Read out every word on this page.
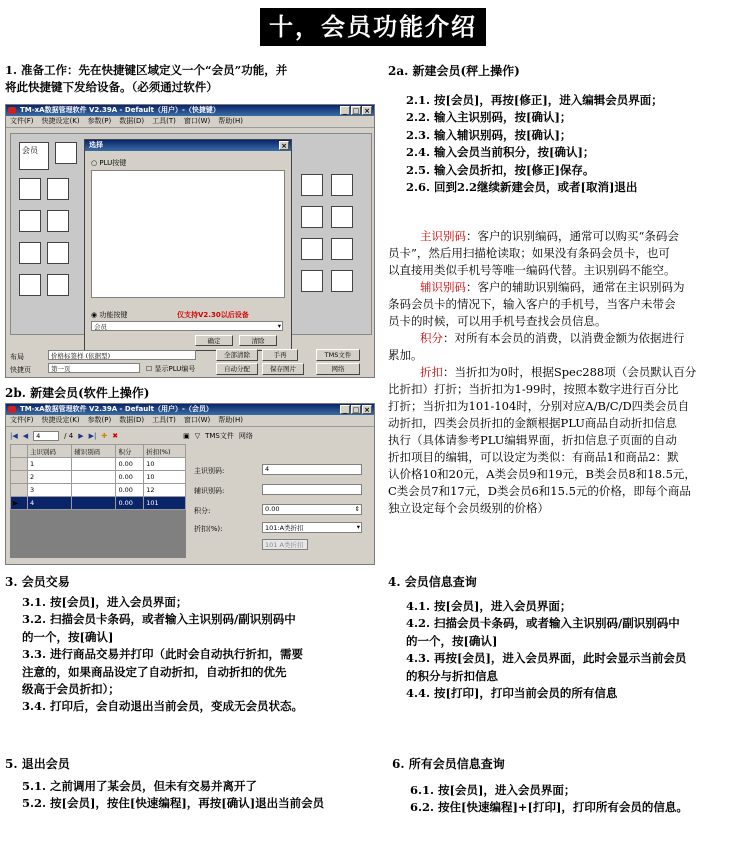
十，会员功能介绍
1. 准备工作：先在快捷键区域定义一个“会员”功能，并
将此快捷键下发给设备。（必须通过软件）
TM-xA数据管理软件 V2.39A - Default（用户）-（快捷键）	_ □ ×
文件(F) 快捷设定(K) 参数(P) 数据(D) 工具(T) 窗口(W) 帮助(H)
会员
选择	×
○ PLU按键
◉ 功能按键	仅支持V2.30以后设备
会员	▾
确定	清除
布局	价格标签样 (依据型)
快捷页	第一页	☐ 显示PLU编号
全部清除	手再	TMS文件
自动分配	保存图片	网络
2b. 新建会员(软件上操作)
TM-xA数据管理软件 V2.39A - Default（用户）-（会员）	_ □ ×
文件(F) 快捷设定(K) 参数(P) 数据(D) 工具(T) 窗口(W) 帮助(H)
|◀ ◀	4	/ 4 ▶ ▶| ✚ ✖	▣ ▽ TMS文件 网络
	主识别码	辅识别码	积分	折扣(%)
	1		0.00	10
	2		0.00	10
	3		0.00	12
▶	4		0.00	101
主识别码:	4
辅识别码:
积分:	0.00	⇕
折扣(%):	101:A类折扣	▾
101 A类折扣
2a. 新建会员(秤上操作)
2.1. 按[会员]，再按[修正]，进入编辑会员界面；
2.2. 输入主识别码，按[确认]；
2.3. 输入辅识别码，按[确认]；
2.4. 输入会员当前积分，按[确认]；
2.5. 输入会员折扣，按[修正]保存。
2.6. 回到2.2继续新建会员，或者[取消]退出
主识别码：客户的识别编码，通常可以购买“条码会
员卡”，然后用扫描枪读取；如果没有条码会员卡，也可
以直接用类似手机号等唯一编码代替。主识别码不能空。
辅识别码：客户的辅助识别编码，通常在主识别码为
条码会员卡的情况下，输入客户的手机号，当客户未带会
员卡的时候，可以用手机号查找会员信息。
积分：对所有本会员的消费，以消费金额为依据进行
累加。
折扣：当折扣为0时，根据Spec288项（会员默认百分
比折扣）打折；当折扣为1-99时，按照本数字进行百分比
打折；当折扣为101-104时，分别对应A/B/C/D四类会员自
动折扣，四类会员折扣的金额根据PLU商品自动折扣信息
执行（具体请参考PLU编辑界面，折扣信息子页面的自动
折扣项目的编辑，可以设定为类似：有商品1和商品2：默
认价格10和20元，A类会员9和19元，B类会员8和18.5元，
C类会员7和17元，D类会员6和15.5元的价格，即每个商品
独立设定每个会员级别的价格）
3. 会员交易
3.1. 按[会员]，进入会员界面；
3.2. 扫描会员卡条码，或者输入主识别码/副识别码中
的一个，按[确认]
3.3. 进行商品交易并打印（此时会自动执行折扣，需要
注意的，如果商品设定了自动折扣，自动折扣的优先
级高于会员折扣）；
3.4. 打印后，会自动退出当前会员，变成无会员状态。
4. 会员信息查询
4.1. 按[会员]，进入会员界面；
4.2. 扫描会员卡条码，或者输入主识别码/副识别码中
的一个，按[确认]
4.3. 再按[会员]，进入会员界面，此时会显示当前会员
的积分与折扣信息
4.4. 按[打印]，打印当前会员的所有信息
5. 退出会员
5.1. 之前调用了某会员，但未有交易并离开了
5.2. 按[会员]，按住[快速编程]，再按[确认]退出当前会员
6. 所有会员信息查询
6.1. 按[会员]，进入会员界面；
6.2. 按住[快速编程]+[打印]，打印所有会员的信息。
